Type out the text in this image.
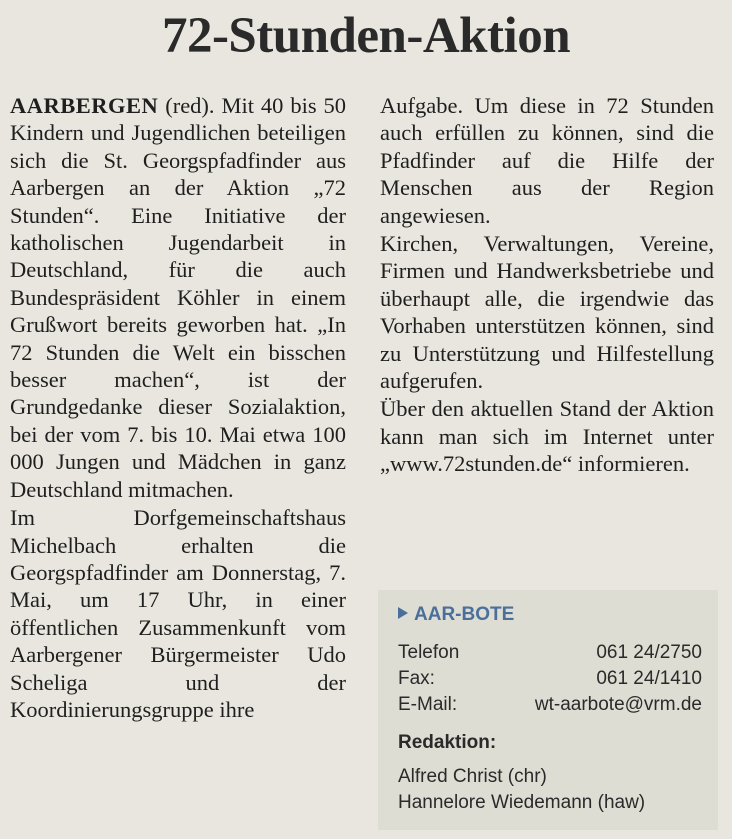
72-Stunden-Aktion

AARBERGEN (red). Mit 40 bis 50 Kindern und Jugendlichen beteiligen sich die St. Georgspfadfinder aus Aarbergen an der Aktion „72 Stunden“. Eine Initiative der katholischen Jugendarbeit in Deutschland, für die auch Bundespräsident Köhler in einem Grußwort bereits geworben hat. „In 72 Stunden die Welt ein bisschen besser machen“, ist der Grundgedanke dieser Sozialaktion, bei der vom 7. bis 10. Mai etwa 100 000 Jungen und Mädchen in ganz Deutschland mitmachen.

Im Dorfgemeinschaftshaus Michelbach erhalten die Georgspfadfinder am Donnerstag, 7. Mai, um 17 Uhr, in einer öffentlichen Zusammenkunft vom Aarbergener Bürgermeister Udo Scheliga und der Koordinierungsgruppe ihre

Aufgabe. Um diese in 72 Stunden auch erfüllen zu können, sind die Pfadfinder auf die Hilfe der Menschen aus der Region angewiesen.

Kirchen, Verwaltungen, Vereine, Firmen und Handwerksbetriebe und überhaupt alle, die irgendwie das Vorhaben unterstützen können, sind zu Unterstützung und Hilfestellung aufgerufen.

Über den aktuellen Stand der Aktion kann man sich im Internet unter „www.72stunden.de“ informieren.

AAR-BOTE
Telefon	061 24/2750
Fax:	061 24/1410
E-Mail:	wt-aarbote@vrm.de
Redaktion:
Alfred Christ (chr)
Hannelore Wiedemann (haw)
